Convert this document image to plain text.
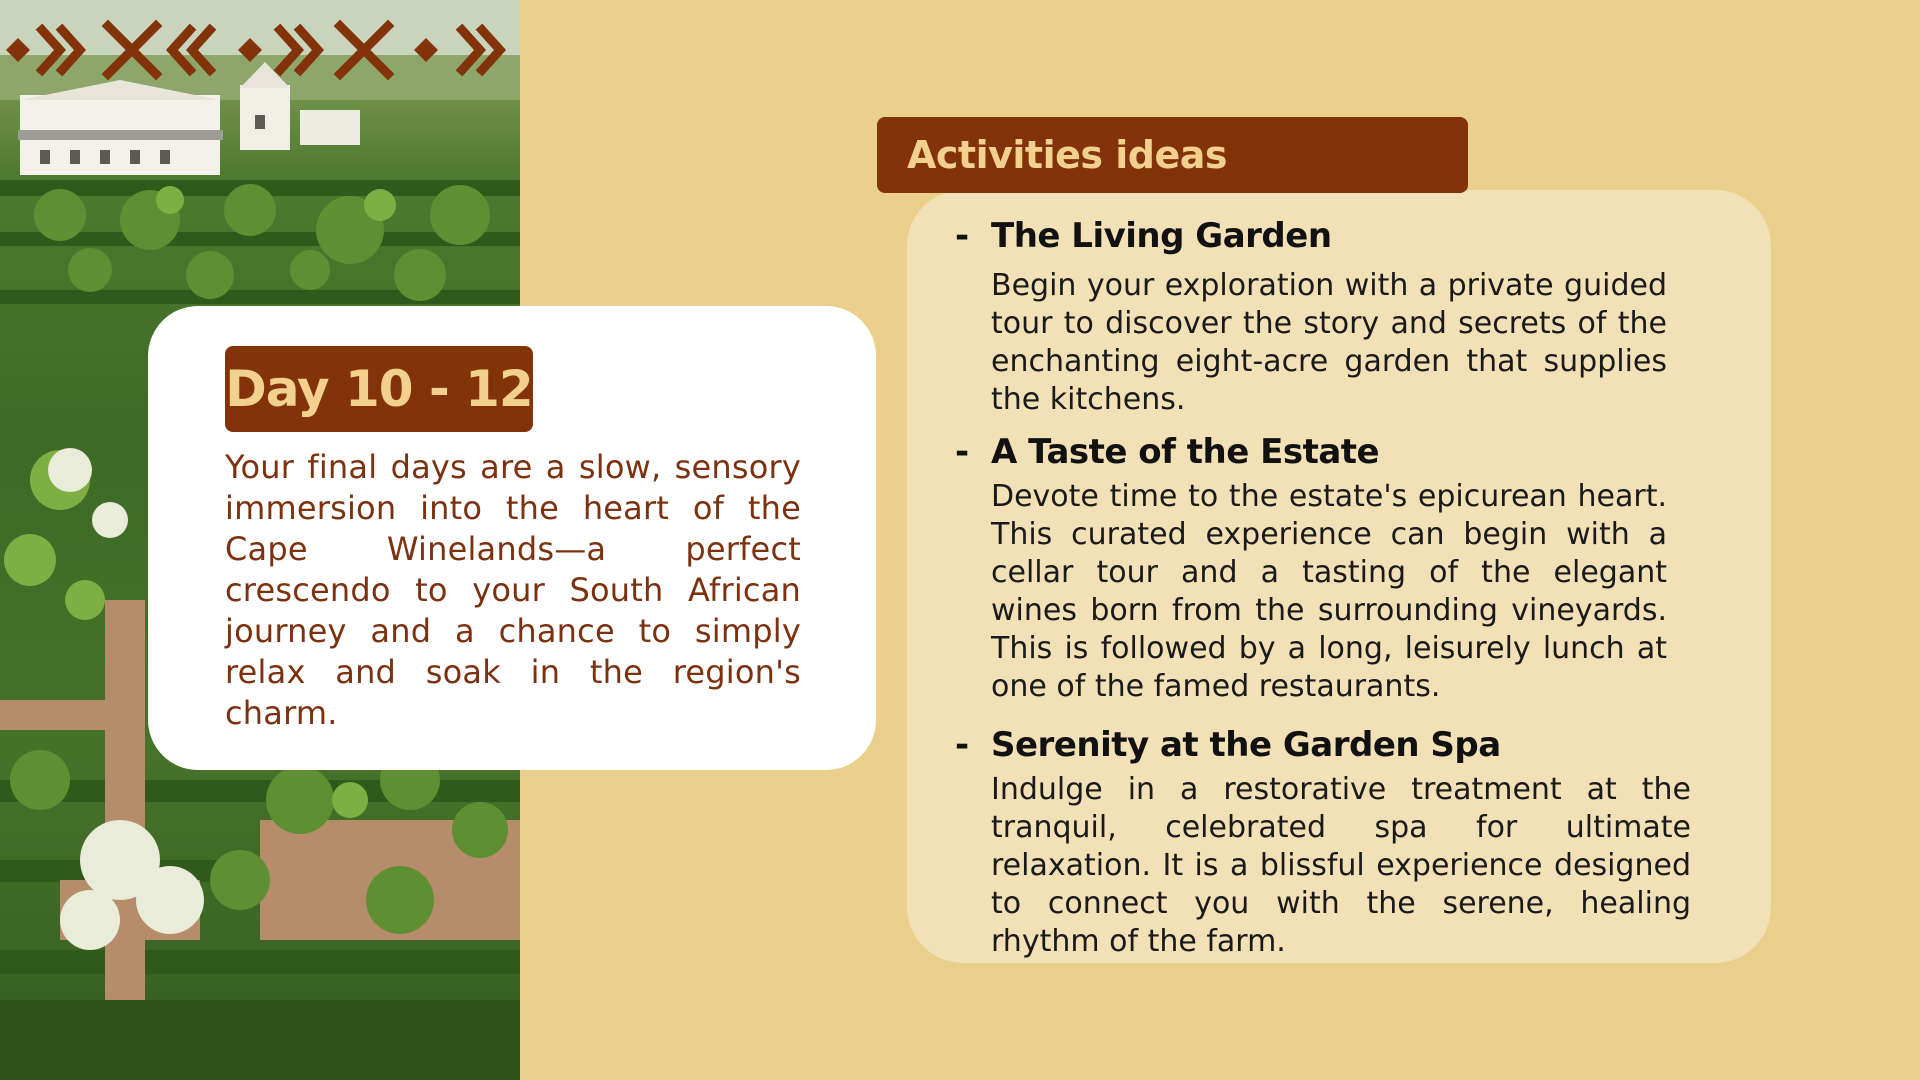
Day 10 - 12
Your final days are a slow, sensory immersion into the heart of the Cape Winelands—a perfect crescendo to your South African journey and a chance to simply relax and soak in the region's charm.
Activities ideas
- The Living Garden
Begin your exploration with a private guided tour to discover the story and secrets of the enchanting eight-acre garden that supplies the kitchens.
- A Taste of the Estate
Devote time to the estate's epicurean heart. This curated experience can begin with a cellar tour and a tasting of the elegant wines born from the surrounding vineyards. This is followed by a long, leisurely lunch at one of the famed restaurants.
- Serenity at the Garden Spa
Indulge in a restorative treatment at the tranquil, celebrated spa for ultimate relaxation. It is a blissful experience designed to connect you with the serene, healing rhythm of the farm.
